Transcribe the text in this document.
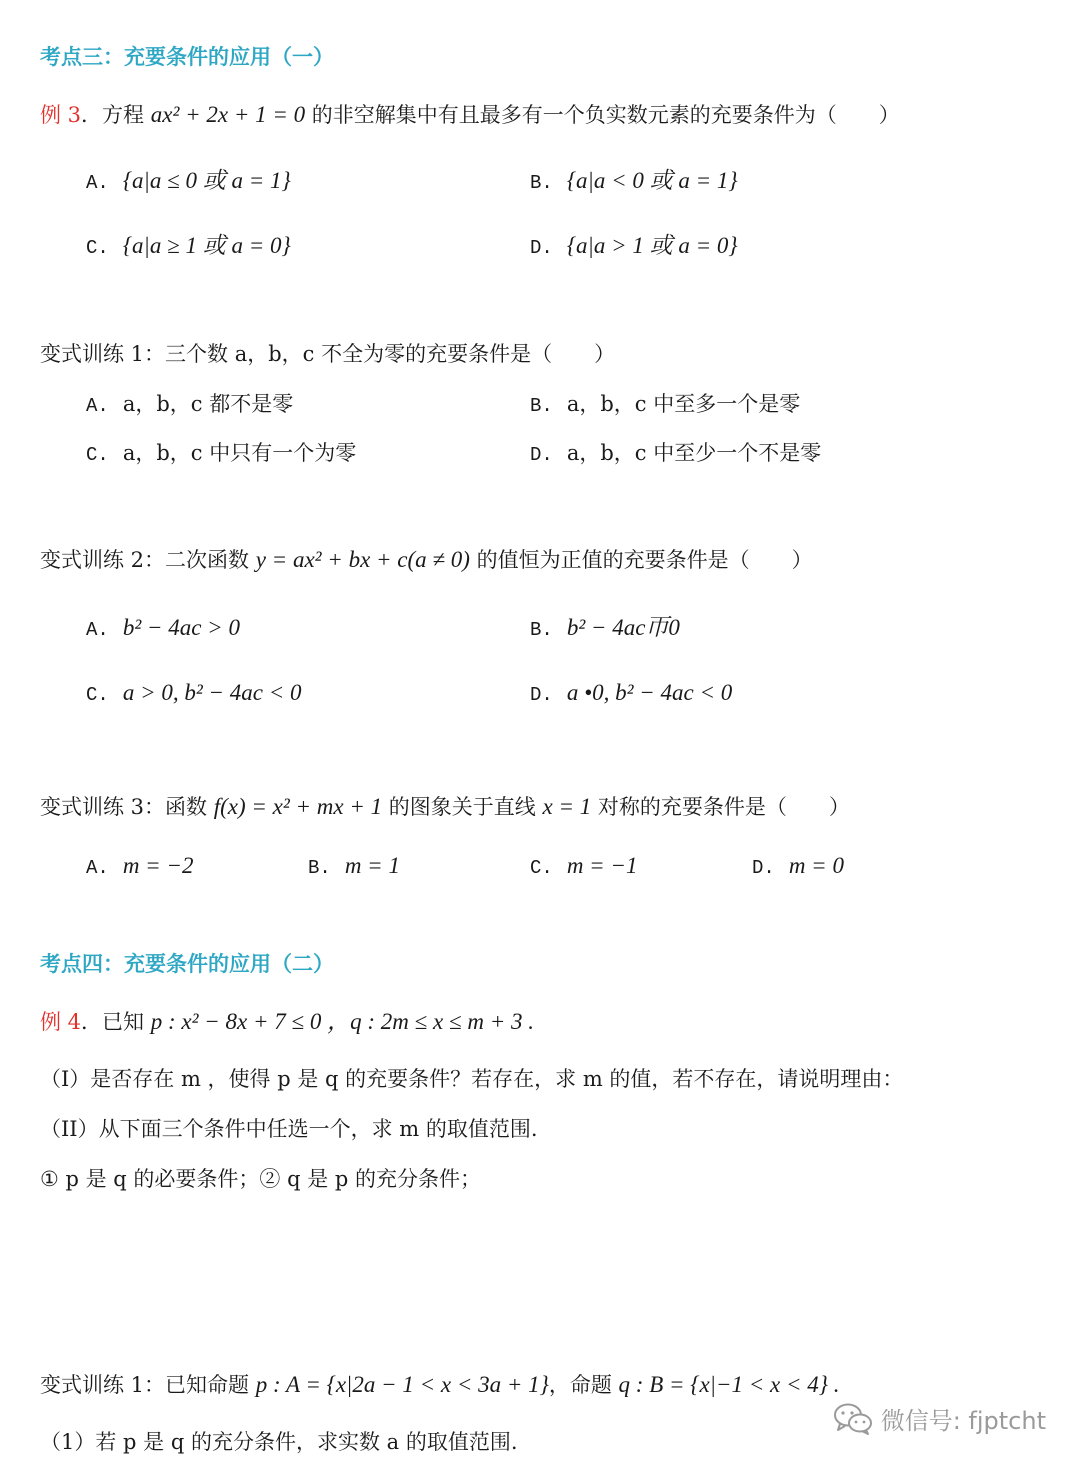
考点三：充要条件的应用（一）
例 3．方程 ax² + 2x + 1 = 0 的非空解集中有且最多有一个负实数元素的充要条件为（　　）
A. {a|a ≤ 0 或 a = 1}	B. {a|a < 0 或 a = 1}
C. {a|a ≥ 1 或 a = 0}	D. {a|a > 1 或 a = 0}
变式训练 1：三个数 a，b，c 不全为零的充要条件是（　　）
A. a，b，c 都不是零	B. a，b，c 中至多一个是零
C. a，b，c 中只有一个为零	D. a，b，c 中至少一个不是零
变式训练 2：二次函数 y = ax² + bx + c(a ≠ 0) 的值恒为正值的充要条件是（　　）
A. b² − 4ac > 0	B. b² − 4ac帀0
C. a > 0, b² − 4ac < 0	D. a •0, b² − 4ac < 0
变式训练 3：函数 f(x) = x² + mx + 1 的图象关于直线 x = 1 对称的充要条件是（　　）
A. m = −2	B. m = 1	C. m = −1	D. m = 0
考点四：充要条件的应用（二）
例 4．已知 p : x² − 8x + 7 ≤ 0 ，q : 2m ≤ x ≤ m + 3 .
（I）是否存在 m ，使得 p 是 q 的充要条件？若存在，求 m 的值，若不存在，请说明理由：
（II）从下面三个条件中任选一个，求 m 的取值范围.
① p 是 q 的必要条件；② q 是 p 的充分条件；
变式训练 1：已知命题 p : A = {x|2a − 1 < x < 3a + 1}，命题 q : B = {x|−1 < x < 4} .
（1）若 p 是 q 的充分条件，求实数 a 的取值范围.
微信号: fjptcht
